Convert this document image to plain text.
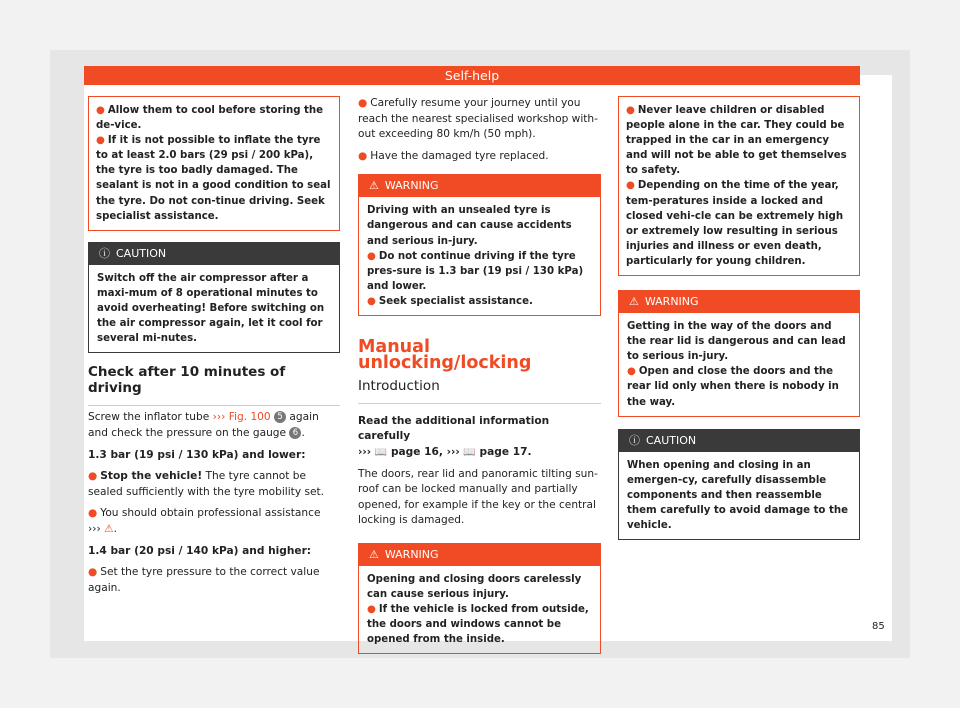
Self-help

● Allow them to cool before storing the de-vice.

● If it is not possible to inflate the tyre to at least 2.0 bars (29 psi / 200 kPa), the tyre is too badly damaged. The sealant is not in a good condition to seal the tyre. Do not con-tinue driving. Seek specialist assistance.

ⓘ CAUTION
Switch off the air compressor after a maxi-mum of 8 operational minutes to avoid overheating! Before switching on the air compressor again, let it cool for several mi-nutes.
Check after 10 minutes of driving

Screw the inflator tube ››› Fig. 100 5 again and check the pressure on the gauge 6 .

1.3 bar (19 psi / 130 kPa) and lower:

● Stop the vehicle! The tyre cannot be sealed sufficiently with the tyre mobility set.

● You should obtain professional assistance
››› ⚠.

1.4 bar (20 psi / 140 kPa) and higher:

● Set the tyre pressure to the correct value again.

● Carefully resume your journey until you reach the nearest specialised workshop with-out exceeding 80 km/h (50 mph).

● Have the damaged tyre replaced.

⚠ WARNING

Driving with an unsealed tyre is dangerous and can cause accidents and serious in-jury.

● Do not continue driving if the tyre pres-sure is 1.3 bar (19 psi / 130 kPa) and lower.

● Seek specialist assistance.

Manual unlocking/locking
Introduction

Read the additional information carefully
››› 📖 page 16, ››› 📖 page 17.

The doors, rear lid and panoramic tilting sun-roof can be locked manually and partially opened, for example if the key or the central locking is damaged.

⚠ WARNING

Opening and closing doors carelessly can cause serious injury.

● If the vehicle is locked from outside, the doors and windows cannot be opened from the inside.

● Never leave children or disabled people alone in the car. They could be trapped in the car in an emergency and will not be able to get themselves to safety.

● Depending on the time of the year, tem-peratures inside a locked and closed vehi-cle can be extremely high or extremely low resulting in serious injuries and illness or even death, particularly for young children.

⚠ WARNING

Getting in the way of the doors and the rear lid is dangerous and can lead to serious in-jury.

● Open and close the doors and the rear lid only when there is nobody in the way.

ⓘ CAUTION
When opening and closing in an emergen-cy, carefully disassemble components and then reassemble them carefully to avoid damage to the vehicle.
85
